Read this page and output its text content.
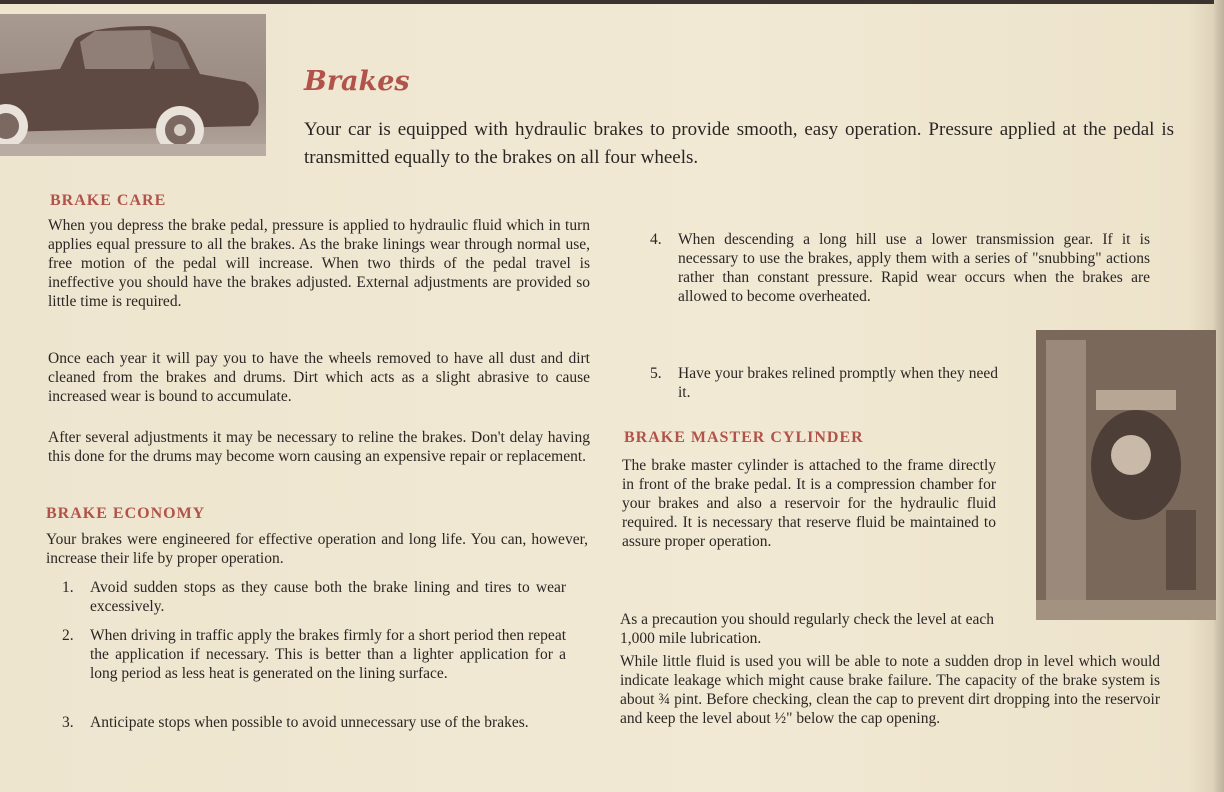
Brakes
Your car is equipped with hydraulic brakes to provide smooth, easy operation. Pressure applied at the pedal is transmitted equally to the brakes on all four wheels.
BRAKE CARE
When you depress the brake pedal, pressure is applied to hydraulic fluid which in turn applies equal pressure to all the brakes. As the brake linings wear through normal use, free motion of the pedal will increase. When two thirds of the pedal travel is ineffective you should have the brakes adjusted. External adjustments are provided so little time is required.
Once each year it will pay you to have the wheels removed to have all dust and dirt cleaned from the brakes and drums. Dirt which acts as a slight abrasive to cause increased wear is bound to accumulate.
After several adjustments it may be necessary to reline the brakes. Don't delay having this done for the drums may become worn causing an expensive repair or replacement.
BRAKE ECONOMY
Your brakes were engineered for effective operation and long life. You can, however, increase their life by proper operation.
1. Avoid sudden stops as they cause both the brake lining and tires to wear excessively.
2. When driving in traffic apply the brakes firmly for a short period then repeat the application if necessary. This is better than a lighter application for a long period as less heat is generated on the lining surface.
3. Anticipate stops when possible to avoid unnecessary use of the brakes.
4. When descending a long hill use a lower transmission gear. If it is necessary to use the brakes, apply them with a series of "snubbing" actions rather than constant pressure. Rapid wear occurs when the brakes are allowed to become overheated.
5. Have your brakes relined promptly when they need it.
BRAKE MASTER CYLINDER
The brake master cylinder is attached to the frame directly in front of the brake pedal. It is a compression chamber for your brakes and also a reservoir for the hydraulic fluid required. It is necessary that reserve fluid be maintained to assure proper operation.
As a precaution you should regularly check the level at each 1,000 mile lubrication.
While little fluid is used you will be able to note a sudden drop in level which would indicate leakage which might cause brake failure. The capacity of the brake system is about ¾ pint. Before checking, clean the cap to prevent dirt dropping into the reservoir and keep the level about ½" below the cap opening.
